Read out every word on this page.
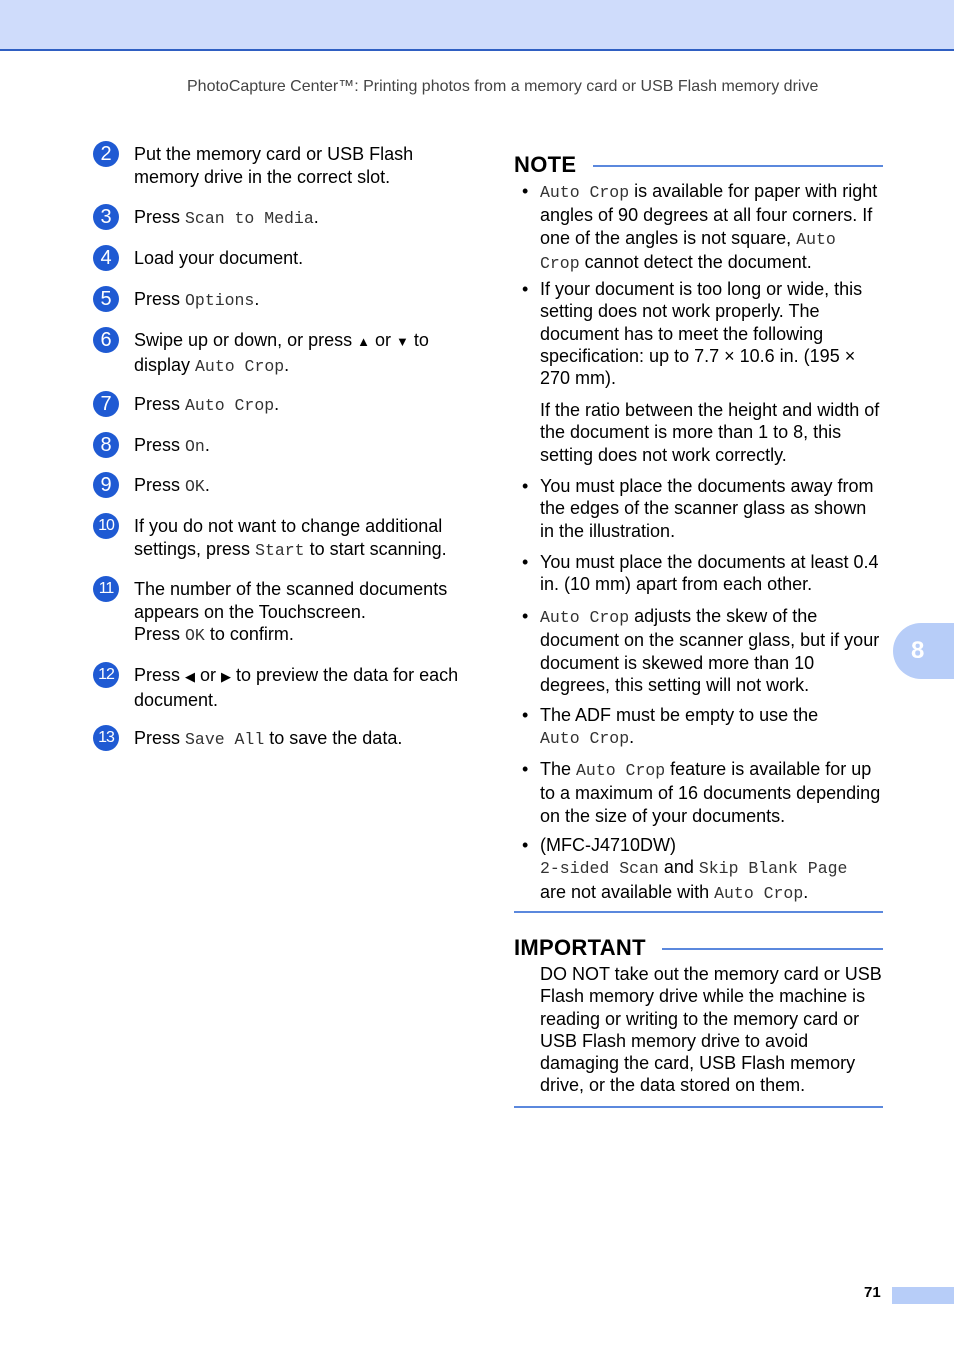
PhotoCapture Center™: Printing photos from a memory card or USB Flash memory drive
2	Put the memory card or USB Flash memory drive in the correct slot.
3	Press Scan to Media.
4	Load your document.
5	Press Options.
6	Swipe up or down, or press ▲ or ▼ to display Auto Crop.
7	Press Auto Crop.
8	Press On.
9	Press OK.
10 If you do not want to change additional settings, press Start to start scanning.
11	The number of the scanned documents appears on the Touchscreen.
Press OK to confirm.
12 Press ◀ or ▶ to preview the data for each document.
13 Press Save All to save the data.
NOTE
• Auto Crop is available for paper with right angles of 90 degrees at all four corners. If one of the angles is not square, Auto Crop cannot detect the document.
• If your document is too long or wide, this setting does not work properly. The document has to meet the following specification: up to 7.7 × 10.6 in. (195 × 270 mm).
• You must place the documents away from the edges of the scanner glass as shown in the illustration.
• You must place the documents at least 0.4 in. (10 mm) apart from each other.
• Auto Crop adjusts the skew of the document on the scanner glass, but if your document is skewed more than 10 degrees, this setting will not work.
• The ADF must be empty to use the
Auto Crop.
• The Auto Crop feature is available for up to a maximum of 16 documents depending on the size of your documents.
• (MFC-J4710DW)
2-sided Scan and Skip Blank Page
are not available with Auto Crop.
If the ratio between the height and width of the document is more than 1 to 8, this setting does not work correctly.
IMPORTANT
DO NOT take out the memory card or USB Flash memory drive while the machine is reading or writing to the memory card or USB Flash memory drive to avoid damaging the card, USB Flash memory drive, or the data stored on them.
8
71
